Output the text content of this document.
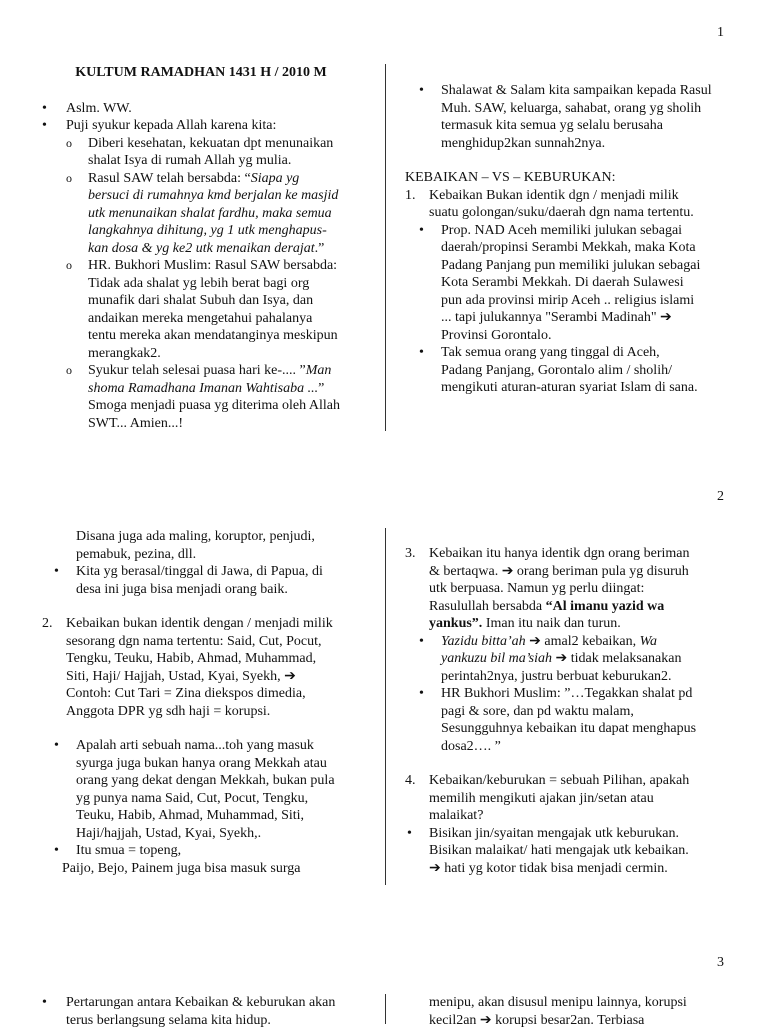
1
KULTUM RAMADHAN 1431 H / 2010 M
• Aslm. WW.
• Puji syukur kepada Allah karena kita:
o Diberi kesehatan, kekuatan dpt menunaikan
shalat Isya di rumah Allah yg mulia.
o Rasul SAW telah bersabda: “Siapa yg
bersuci di rumahnya kmd berjalan ke masjid
utk menunaikan shalat fardhu, maka semua
langkahnya dihitung, yg 1 utk menghapus-
kan dosa & yg ke2 utk menaikan derajat.”
o HR. Bukhori Muslim: Rasul SAW bersabda:
Tidak ada shalat yg lebih berat bagi org
munafik dari shalat Subuh dan Isya, dan
andaikan mereka mengetahui pahalanya
tentu mereka akan mendatanginya meskipun
merangkak2.
o Syukur telah selesai puasa hari ke-.... ”Man
shoma Ramadhana Imanan Wahtisaba ...”
Smoga menjadi puasa yg diterima oleh Allah
SWT... Amien...!
• Shalawat & Salam kita sampaikan kepada Rasul
Muh. SAW, keluarga, sahabat, orang yg sholih
termasuk kita semua yg selalu berusaha
menghidup2kan sunnah2nya.
KEBAIKAN – VS – KEBURUKAN:
1. Kebaikan Bukan identik dgn / menjadi milik
suatu golongan/suku/daerah dgn nama tertentu.
• Prop. NAD Aceh memiliki julukan sebagai
daerah/propinsi Serambi Mekkah, maka Kota
Padang Panjang pun memiliki julukan sebagai
Kota Serambi Mekkah. Di daerah Sulawesi
pun ada provinsi mirip Aceh .. religius islami
... tapi julukannya "Serambi Madinah" ➔
Provinsi Gorontalo.
• Tak semua orang yang tinggal di Aceh,
Padang Panjang, Gorontalo alim / sholih/
mengikuti aturan-aturan syariat Islam di sana.
2
Disana juga ada maling, koruptor, penjudi,
pemabuk, pezina, dll.
• Kita yg berasal/tinggal di Jawa, di Papua, di
desa ini juga bisa menjadi orang baik.
2. Kebaikan bukan identik dengan / menjadi milik
sesorang dgn nama tertentu: Said, Cut, Pocut,
Tengku, Teuku, Habib, Ahmad, Muhammad,
Siti, Haji/ Hajjah, Ustad, Kyai, Syekh, ➔
Contoh: Cut Tari = Zina diekspos dimedia,
Anggota DPR yg sdh haji = korupsi.
• Apalah arti sebuah nama...toh yang masuk
syurga juga bukan hanya orang Mekkah atau
orang yang dekat dengan Mekkah, bukan pula
yg punya nama Said, Cut, Pocut, Tengku,
Teuku, Habib, Ahmad, Muhammad, Siti,
Haji/hajjah, Ustad, Kyai, Syekh,.
• Itu smua = topeng,
Paijo, Bejo, Painem juga bisa masuk surga
3. Kebaikan itu hanya identik dgn orang beriman
& bertaqwa. ➔ orang beriman pula yg disuruh
utk berpuasa. Namun yg perlu diingat:
Rasulullah bersabda “Al imanu yazid wa
yankus”. Iman itu naik dan turun.
• Yazidu bitta’ah ➔ amal2 kebaikan, Wa
yankuzu bil ma’siah ➔ tidak melaksanakan
perintah2nya, justru berbuat keburukan2.
• HR Bukhori Muslim: ”…Tegakkan shalat pd
pagi & sore, dan pd waktu malam,
Sesungguhnya kebaikan itu dapat menghapus
dosa2…. ”
4. Kebaikan/keburukan = sebuah Pilihan, apakah
memilih mengikuti ajakan jin/setan atau
malaikat?
• Bisikan jin/syaitan mengajak utk keburukan.
Bisikan malaikat/ hati mengajak utk kebaikan.
➔ hati yg kotor tidak bisa menjadi cermin.
3
• Pertarungan antara Kebaikan & keburukan akan
terus berlangsung selama kita hidup.
menipu, akan disusul menipu lainnya, korupsi
kecil2an ➔ korupsi besar2an. Terbiasa
